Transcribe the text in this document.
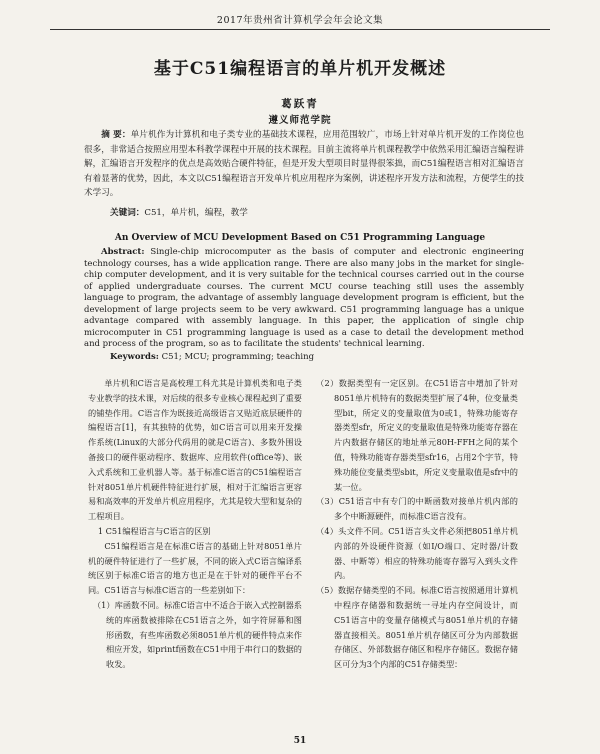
2017年贵州省计算机学会年会论文集
基于C51编程语言的单片机开发概述
葛跃青
遵义师范学院
摘 要：单片机作为计算机和电子类专业的基础技术课程，应用范围较广，市场上针对单片机开发的工作岗位也很多，非常适合按照应用型本科教学课程中开展的技术课程。目前主流将单片机课程教学中依然采用汇编语言编程讲解，汇编语言开发程序的优点是高效贴合硬件特征，但是开发大型项目时显得很笨拙，而C51编程语言相对汇编语言有着显著的优势，因此，本文以C51编程语言开发单片机应用程序为案例，讲述程序开发方法和流程，方便学生的技术学习。
关键词：C51，单片机，编程，教学
An Overview of MCU Development Based on C51 Programming Language
Abstract: Single-chip microcomputer as the basis of computer and electronic engineering technology courses, has a wide application range. There are also many jobs in the market for single-chip computer development, and it is very suitable for the technical courses carried out in the course of applied undergraduate courses. The current MCU course teaching still uses the assembly language to program, the advantage of assembly language development program is efficient, but the development of large projects seem to be very awkward. C51 programming language has a unique advantage compared with assembly language. In this paper, the application of single chip microcomputer in C51 programming language is used as a case to detail the development method and process of the program, so as to facilitate the students' technical learning.
Keywords: C51; MCU; programming; teaching

单片机和C语言是高校理工科尤其是计算机类和电子类专业教学的技术课，对后续的很多专业核心课程起到了重要的铺垫作用。C语言作为既接近高级语言又贴近底层硬件的编程语言[1]，有其独特的优势，如C语言可以用来开发操作系统(Linux的大部分代码用的就是C语言)、多数外围设备接口的硬件驱动程序、数据库、应用软件(office等)、嵌入式系统和工业机器人等。基于标准C语言的C51编程语言针对8051单片机硬件特征进行扩展，相对于汇编语言更容易和高效率的开发单片机应用程序，尤其是较大型和复杂的工程项目。

1 C51编程语言与C语言的区别

C51编程语言是在标准C语言的基础上针对8051单片机的硬件特征进行了一些扩展，不同的嵌入式C语言编译系统区别于标准C语言的地方也正是在于针对的硬件平台不同。C51语言与标准C语言的一些差别如下：

（1）库函数不同。标准C语言中不适合于嵌入式控制器系统的库函数被排除在C51语言之外，如字符屏幕和图形函数，有些库函数必须8051单片机的硬件特点来作相应开发，如printf函数在C51中用于串行口的数据的收发。

（2）数据类型有一定区别。在C51语言中增加了针对8051单片机特有的数据类型扩展了4种，位变量类型bit，所定义的变量取值为0或1，特殊功能寄存器类型sfr，所定义的变量取值是特殊功能寄存器在片内数据存储区的地址单元80H-FFH之间的某个值，特殊功能寄存器类型sfr16，占用2个字节，特殊功能位变量类型sbit，所定义变量取值是sfr中的某一位。

（3）C51语言中有专门的中断函数对接单片机内部的多个中断源硬件，而标准C语言没有。

（4）头文件不同。C51语言头文件必须把8051单片机内部的外设硬件资源（如I/O端口、定时器/计数器、中断等）相应的特殊功能寄存器写入到头文件内。

（5）数据存储类型的不同。标准C语言按照通用计算机中程序存储器和数据统一寻址内存空间设计，而C51语言中的变量存储模式与8051单片机的存储器直接相关。8051单片机存储区可分为内部数据存储区、外部数据存储区和程序存储区。数据存储区可分为3个内部的C51存储类型：

51
